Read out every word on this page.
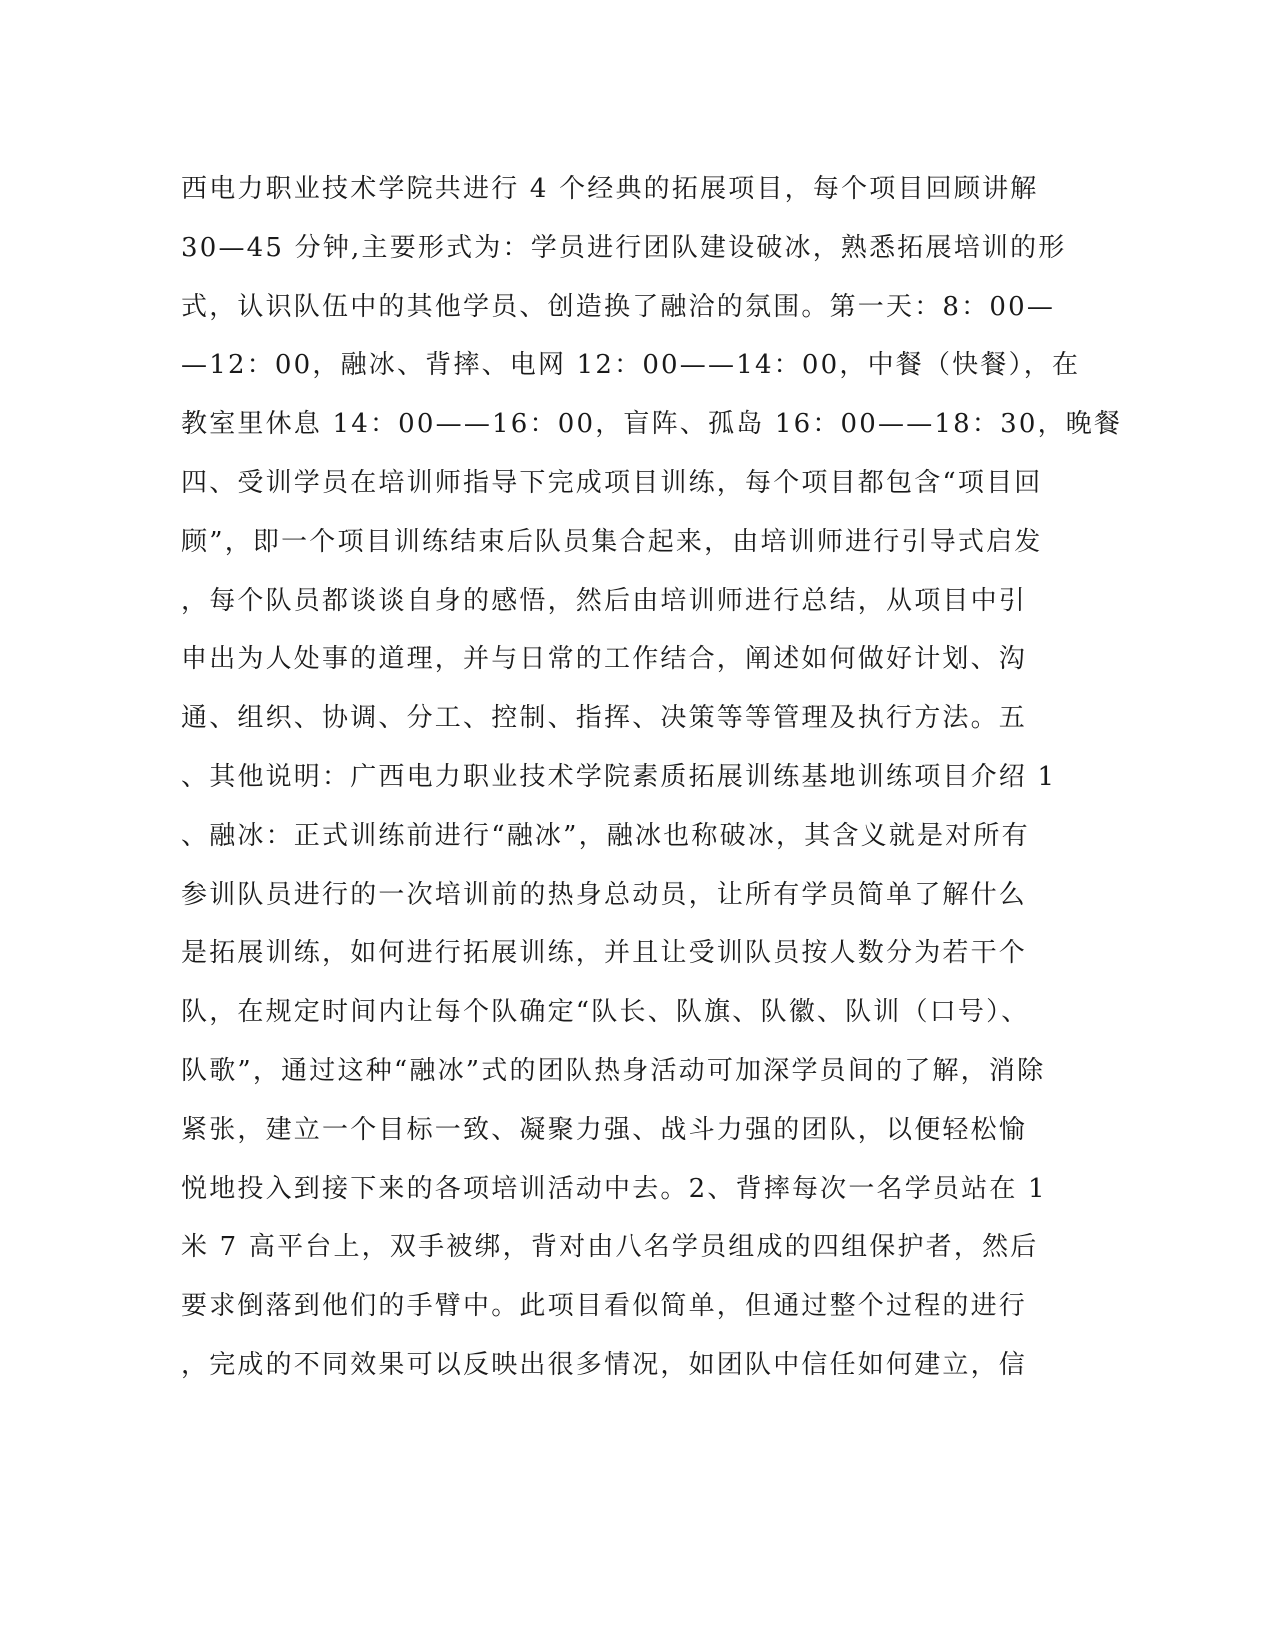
西电力职业技术学院共进行 4 个经典的拓展项目，每个项目回顾讲解
30—45 分钟,主要形式为：学员进行团队建设破冰，熟悉拓展培训的形
式，认识队伍中的其他学员、创造换了融洽的氛围。第一天：8：00—
—12：00，融冰、背摔、电网 12：00——14：00，中餐（快餐），在
教室里休息 14：00——16：00，盲阵、孤岛 16：00——18：30，晚餐
四、受训学员在培训师指导下完成项目训练，每个项目都包含“项目回
顾”，即一个项目训练结束后队员集合起来，由培训师进行引导式启发
，每个队员都谈谈自身的感悟，然后由培训师进行总结，从项目中引
申出为人处事的道理，并与日常的工作结合，阐述如何做好计划、沟
通、组织、协调、分工、控制、指挥、决策等等管理及执行方法。五
、其他说明：广西电力职业技术学院素质拓展训练基地训练项目介绍 1
、融冰：正式训练前进行“融冰”，融冰也称破冰，其含义就是对所有
参训队员进行的一次培训前的热身总动员，让所有学员简单了解什么
是拓展训练，如何进行拓展训练，并且让受训队员按人数分为若干个
队，在规定时间内让每个队确定“队长、队旗、队徽、队训（口号）、
队歌”，通过这种“融冰”式的团队热身活动可加深学员间的了解，消除
紧张，建立一个目标一致、凝聚力强、战斗力强的团队，以便轻松愉
悦地投入到接下来的各项培训活动中去。2、背摔每次一名学员站在 1
米 7 高平台上，双手被绑，背对由八名学员组成的四组保护者，然后
要求倒落到他们的手臂中。此项目看似简单，但通过整个过程的进行
，完成的不同效果可以反映出很多情况，如团队中信任如何建立，信
